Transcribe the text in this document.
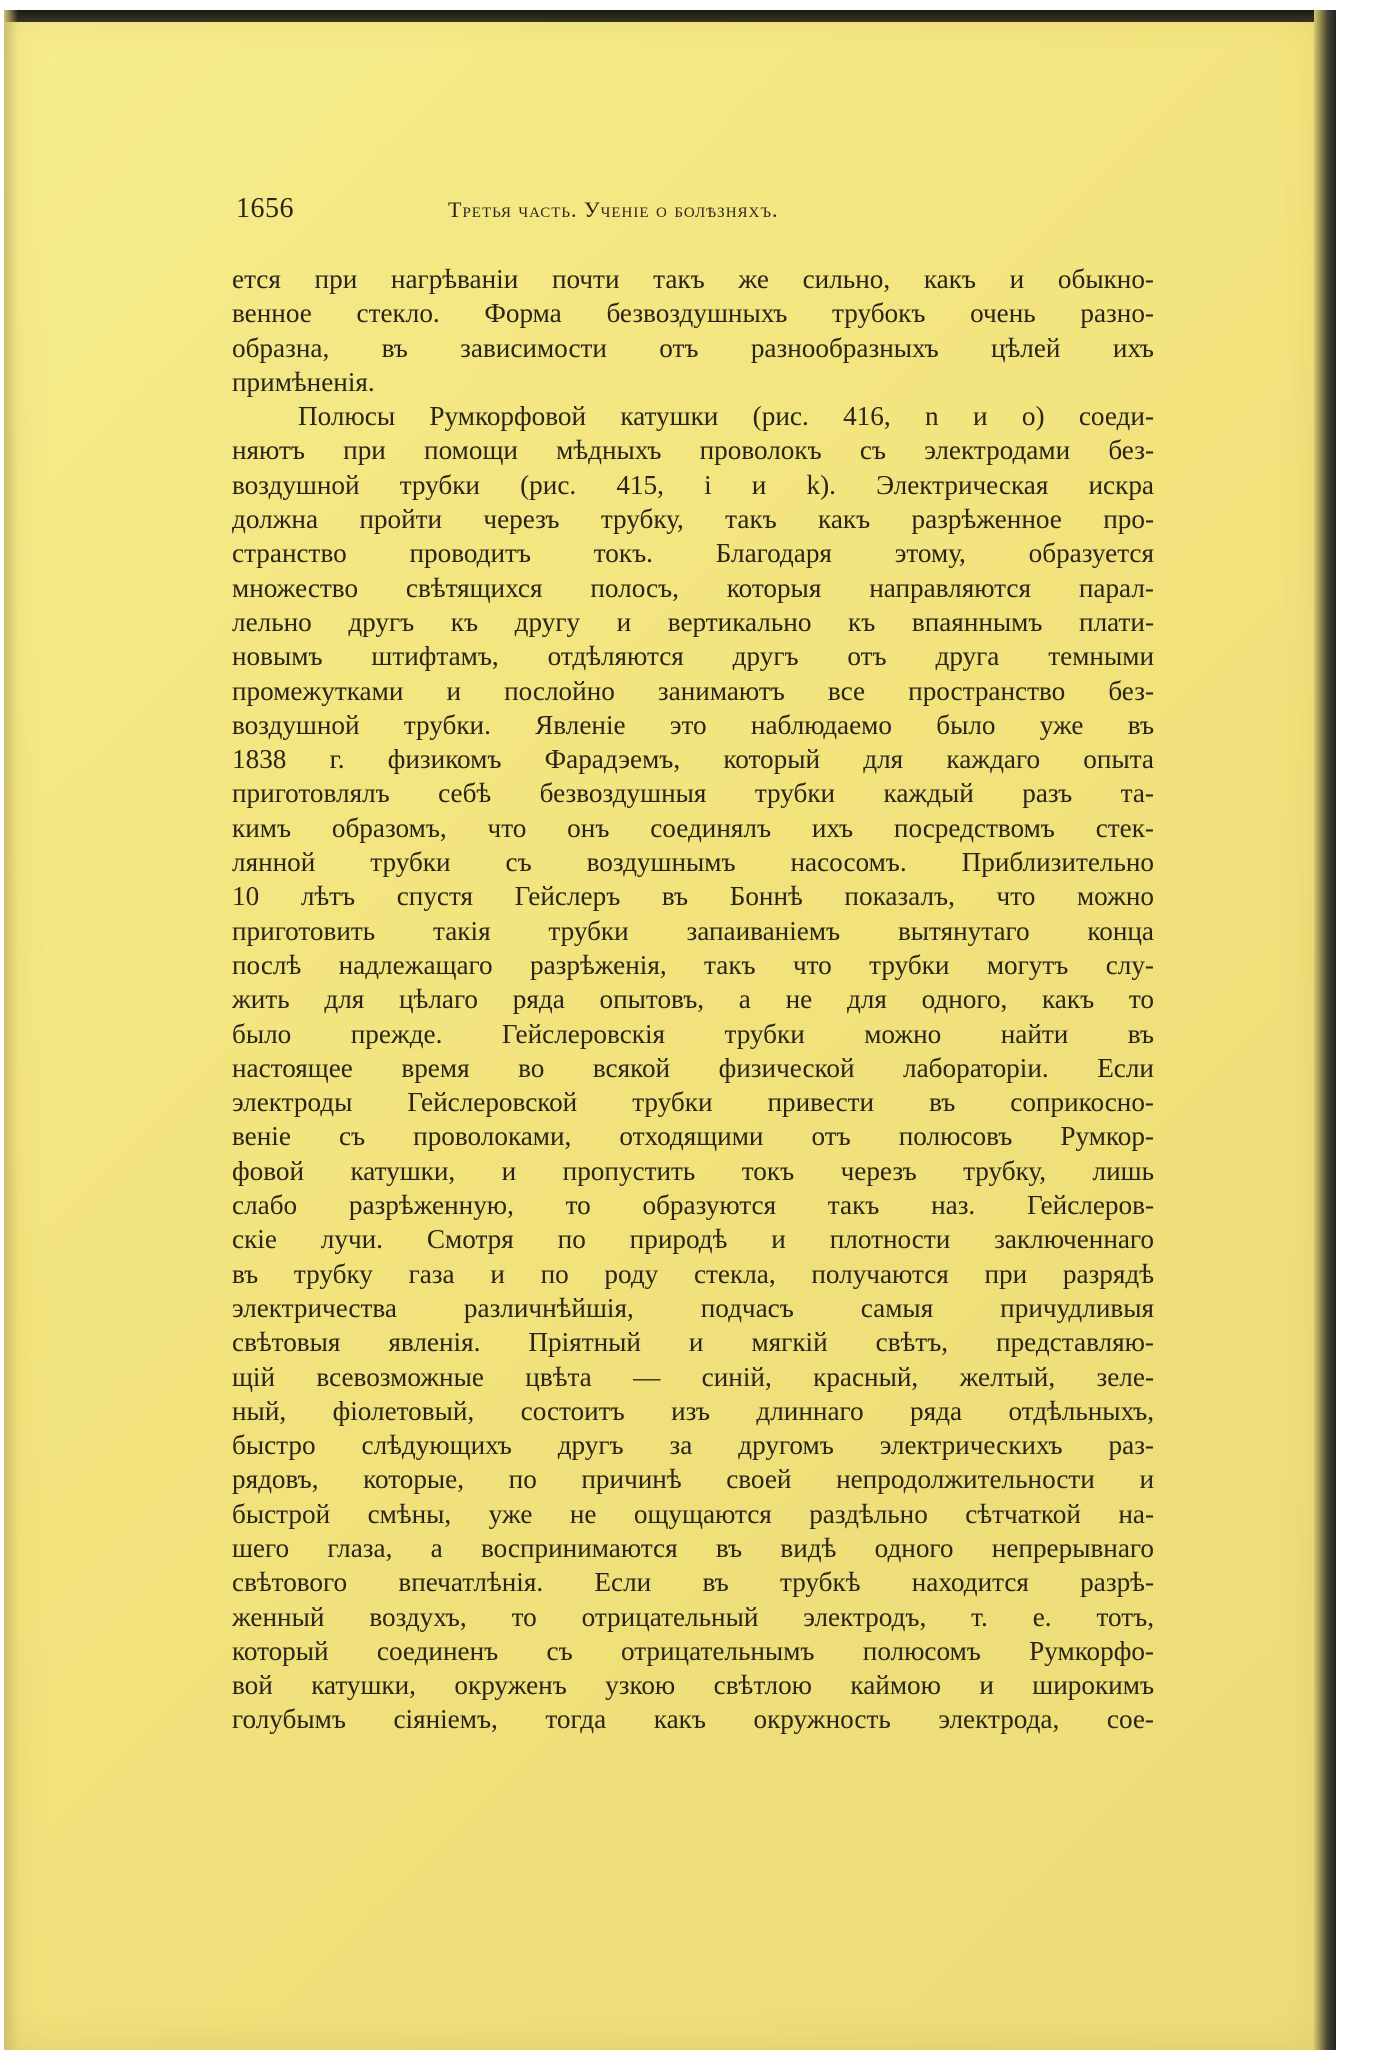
1656	Третья часть. Ученіе о болѣзняхъ.
ется при нагрѣваніи почти такъ же сильно, какъ и обыкно-
венное стекло. Форма безвоздушныхъ трубокъ очень разно-
образна, въ зависимости отъ разнообразныхъ цѣлей ихъ
примѣненія.
Полюсы Румкорфовой катушки (рис. 416, n и o) соеди-
няютъ при помощи мѣдныхъ проволокъ съ электродами без-
воздушной трубки (рис. 415, i и k). Электрическая искра
должна пройти черезъ трубку, такъ какъ разрѣженное про-
странство проводитъ токъ. Благодаря этому, образуется
множество свѣтящихся полосъ, которыя направляются парал-
лельно другъ къ другу и вертикально къ впаяннымъ плати-
новымъ штифтамъ, отдѣляются другъ отъ друга темными
промежутками и послойно занимаютъ все пространство без-
воздушной трубки. Явленіе это наблюдаемо было уже въ
1838 г. физикомъ Фарадэемъ, который для каждаго опыта
приготовлялъ себѣ безвоздушныя трубки каждый разъ та-
кимъ образомъ, что онъ соединялъ ихъ посредствомъ стек-
лянной трубки съ воздушнымъ насосомъ. Приблизительно
10 лѣтъ спустя Гейслеръ въ Боннѣ показалъ, что можно
приготовить такія трубки запаиваніемъ вытянутаго конца
послѣ надлежащаго разрѣженія, такъ что трубки могутъ слу-
жить для цѣлаго ряда опытовъ, а не для одного, какъ то
было прежде. Гейслеровскія трубки можно найти въ
настоящее время во всякой физической лабораторіи. Если
электроды Гейслеровской трубки привести въ соприкосно-
веніе съ проволоками, отходящими отъ полюсовъ Румкор-
фовой катушки, и пропустить токъ черезъ трубку, лишь
слабо разрѣженную, то образуются такъ наз. Гейслеров-
скіе лучи. Смотря по природѣ и плотности заключеннаго
въ трубку газа и по роду стекла, получаются при разрядѣ
электричества различнѣйшія, подчасъ самыя причудливыя
свѣтовыя явленія. Пріятный и мягкій свѣтъ, представляю-
щій всевозможные цвѣта — синій, красный, желтый, зеле-
ный, фіолетовый, состоитъ изъ длиннаго ряда отдѣльныхъ,
быстро слѣдующихъ другъ за другомъ электрическихъ раз-
рядовъ, которые, по причинѣ своей непродолжительности и
быстрой смѣны, уже не ощущаются раздѣльно сѣтчаткой на-
шего глаза, а воспринимаются въ видѣ одного непрерывнаго
свѣтового впечатлѣнія. Если въ трубкѣ находится разрѣ-
женный воздухъ, то отрицательный электродъ, т. е. тотъ,
который соединенъ съ отрицательнымъ полюсомъ Румкорфо-
вой катушки, окруженъ узкою свѣтлою каймою и широкимъ
голубымъ сіяніемъ, тогда какъ окружность электрода, сое-
